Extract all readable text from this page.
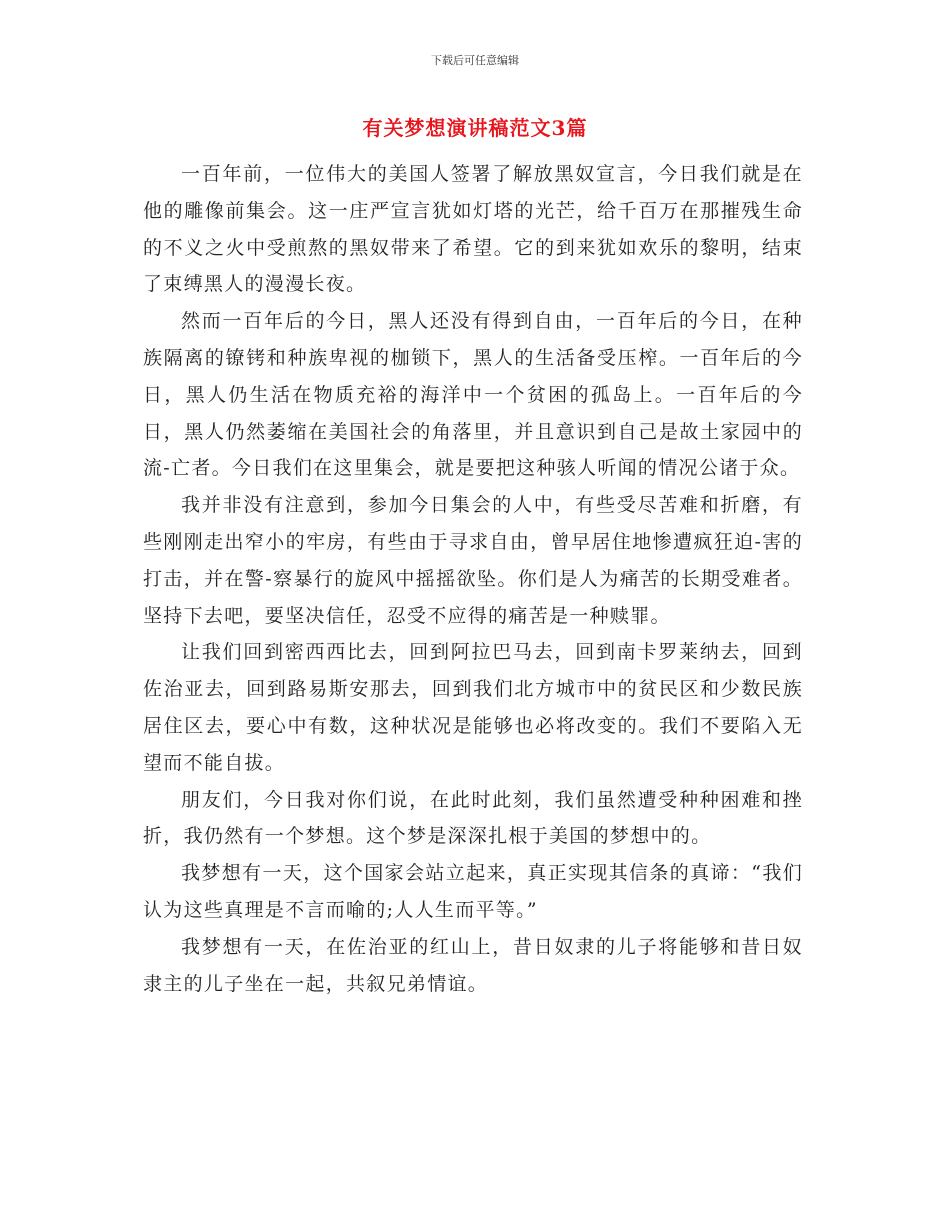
下载后可任意编辑
有关梦想演讲稿范文3篇

一百年前，一位伟大的美国人签署了解放黑奴宣言，今日我们就是在他的雕像前集会。这一庄严宣言犹如灯塔的光芒，给千百万在那摧残生命的不义之火中受煎熬的黑奴带来了希望。它的到来犹如欢乐的黎明，结束了束缚黑人的漫漫长夜。

然而一百年后的今日，黑人还没有得到自由，一百年后的今日，在种族隔离的镣铐和种族卑视的枷锁下，黑人的生活备受压榨。一百年后的今日，黑人仍生活在物质充裕的海洋中一个贫困的孤岛上。一百年后的今日，黑人仍然萎缩在美国社会的角落里，并且意识到自己是故土家园中的流-亡者。今日我们在这里集会，就是要把这种骇人听闻的情况公诸于众。

我并非没有注意到，参加今日集会的人中，有些受尽苦难和折磨，有些刚刚走出窄小的牢房，有些由于寻求自由，曾早居住地惨遭疯狂迫-害的打击，并在警-察暴行的旋风中摇摇欲坠。你们是人为痛苦的长期受难者。坚持下去吧，要坚决信任，忍受不应得的痛苦是一种赎罪。

让我们回到密西西比去，回到阿拉巴马去，回到南卡罗莱纳去，回到佐治亚去，回到路易斯安那去，回到我们北方城市中的贫民区和少数民族居住区去，要心中有数，这种状况是能够也必将改变的。我们不要陷入无望而不能自拔。

朋友们，今日我对你们说，在此时此刻，我们虽然遭受种种困难和挫折，我仍然有一个梦想。这个梦是深深扎根于美国的梦想中的。

我梦想有一天，这个国家会站立起来，真正实现其信条的真谛：“我们认为这些真理是不言而喻的;人人生而平等。”

我梦想有一天，在佐治亚的红山上，昔日奴隶的儿子将能够和昔日奴隶主的儿子坐在一起，共叙兄弟情谊。
